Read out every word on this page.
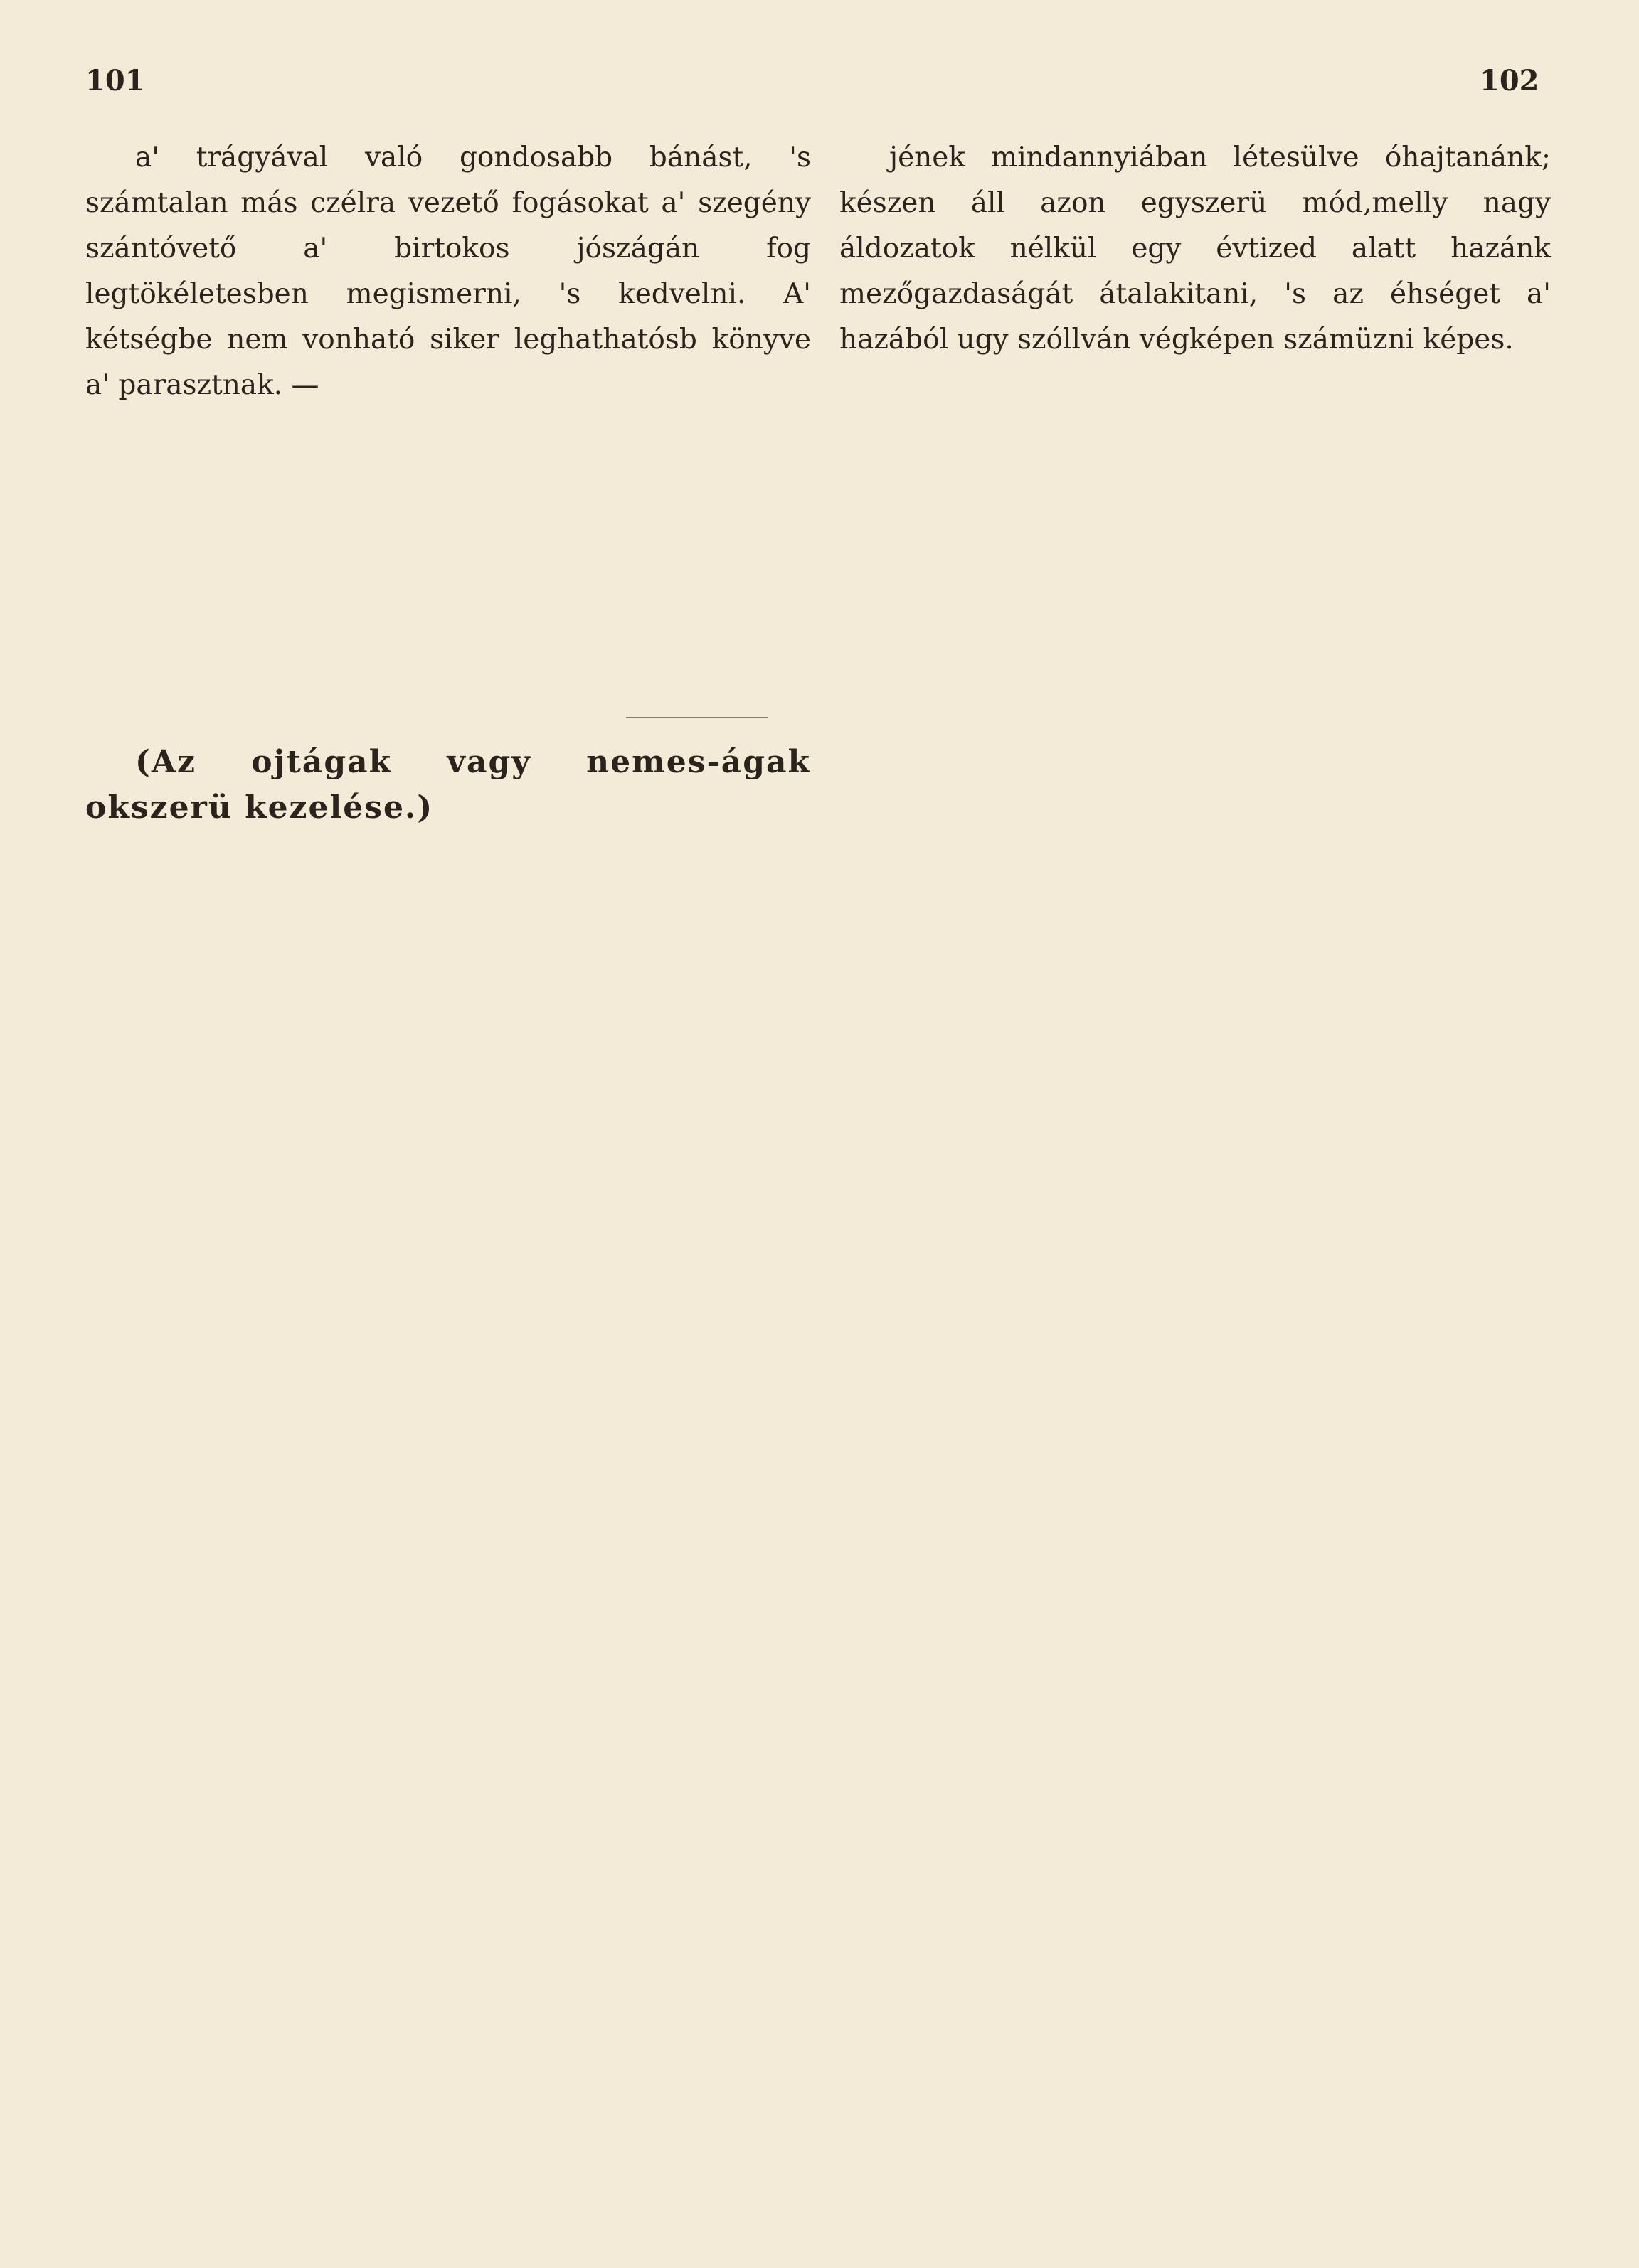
101	102

a' trágyával való gondosabb bánást, 's számtalan más czélra vezető fogásokat a' szegény szántóvető a' birtokos jószágán fog legtökéletesben megismerni, 's kedvelni. A' kétségbe nem vonható siker leghathatósb könyve a' parasztnak. —

jének mindannyiában létesülve óhajtanánk; készen áll azon egyszerü mód,melly nagy áldozatok nélkül egy évtized alatt hazánk mezőgazdaságát átalakitani, 's az éhséget a' hazából ugy szóllván végképen számüzni képes.

(Az ojtágak vagy nemes-ágak okszerü kezelése.)
